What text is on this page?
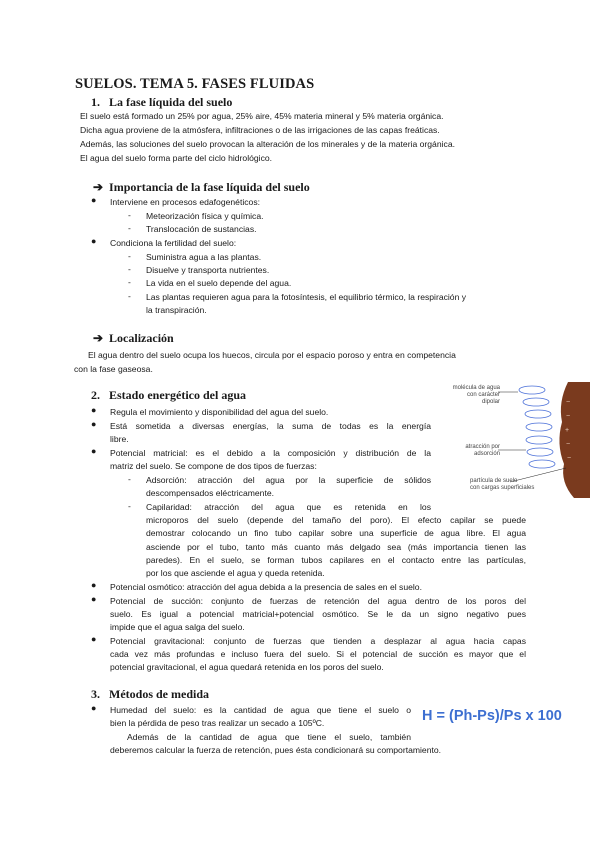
SUELOS. TEMA 5. FASES FLUIDAS
1.   La fase líquida del suelo
El suelo está formado un 25% por agua, 25% aire, 45% materia mineral y 5% materia orgánica.
Dicha agua proviene de la atmósfera, infiltraciones o de las irrigaciones de las capas freáticas.
Además, las soluciones del suelo provocan la alteración de los minerales y de la materia orgánica.
El agua del suelo forma parte del ciclo hidrológico.
➔  Importancia de la fase líquida del suelo
● Interviene en procesos edafogenéticos:
- Meteorización física y química.
- Translocación de sustancias.
● Condiciona la fertilidad del suelo:
- Suministra agua a las plantas.
- Disuelve y transporta nutrientes.
- La vida en el suelo depende del agua.
- Las plantas requieren agua para la fotosíntesis, el equilibrio térmico, la respiración y
la transpiración.
➔  Localización
El agua dentro del suelo ocupa los huecos, circula por el espacio poroso y entra en competencia
con la fase gaseosa.
2.   Estado energético del agua
● Regula el movimiento y disponibilidad del agua del suelo.
● Está sometida a diversas energías, la suma de todas es la energía
libre.
● Potencial matricial: es el debido a la composición y distribución de la
matriz del suelo. Se compone de dos tipos de fuerzas:
- Adsorción: atracción del agua por la superficie de sólidos
descompensados eléctricamente.
- Capilaridad: atracción del agua que es retenida en los
microporos del suelo (depende del tamaño del poro). El efecto capilar se puede
demostrar colocando un fino tubo capilar sobre una superficie de agua libre. El agua
asciende por el tubo, tanto más cuanto más delgado sea (más importancia tienen las
paredes). En el suelo, se forman tubos capilares en el contacto entre las partículas,
por los que asciende el agua y queda retenida.
● Potencial osmótico: atracción del agua debida a la presencia de sales en el suelo.
● Potencial de succión: conjunto de fuerzas de retención del agua dentro de los poros del
suelo. Es igual a potencial matricial+potencial osmótico. Se le da un signo negativo pues
impide que el agua salga del suelo.
● Potencial gravitacional: conjunto de fuerzas que tienden a desplazar al agua hacia capas
cada vez más profundas e incluso fuera del suelo. Si el potencial de succión es mayor que el
potencial gravitacional, el agua quedará retenida en los poros del suelo.
−
−
+
−
−
molécula de agua
con carácter
dipolar
atracción por
adsorción
partícula de suelo
con cargas superficiales
3.   Métodos de medida
● Humedad del suelo: es la cantidad de agua que tiene el suelo o
bien la pérdida de peso tras realizar un secado a 105ºC.
Además de la cantidad de agua que tiene el suelo, también
deberemos calcular la fuerza de retención, pues ésta condicionará su comportamiento.
H = (Ph-Ps)/Ps x 100
